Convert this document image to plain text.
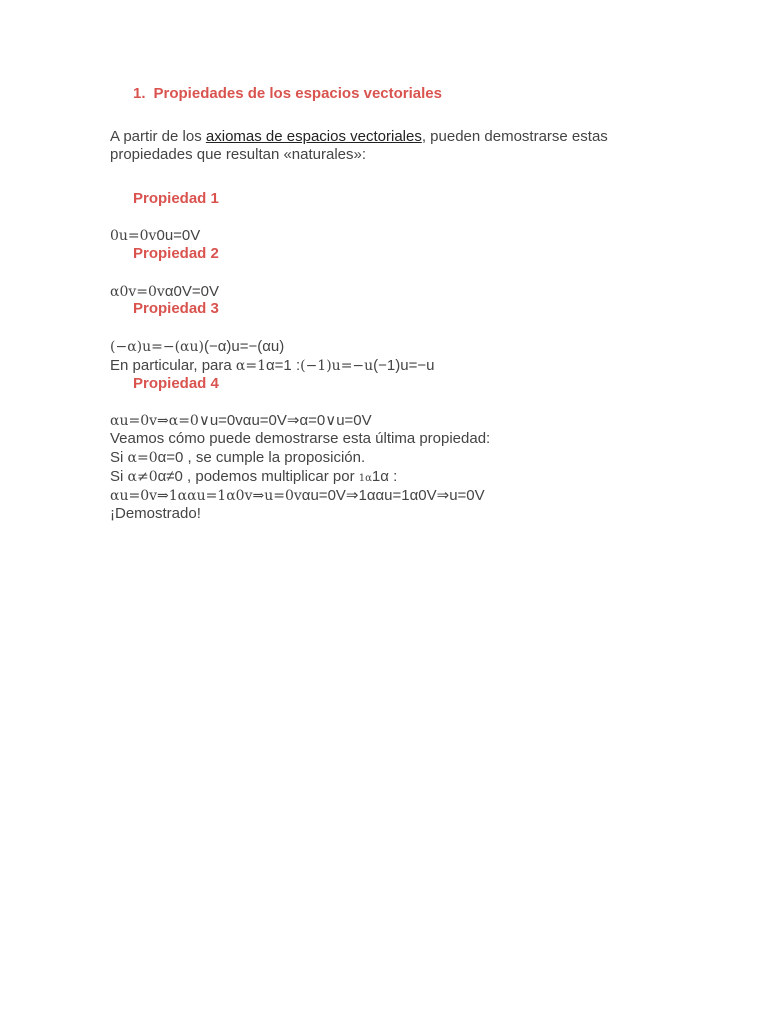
1. Propiedades de los espacios vectoriales
A partir de los axiomas de espacios vectoriales, pueden demostrarse estas propiedades que resultan «naturales»:
Propiedad 1
0u=0v0u=0V
Propiedad 2
α0v=0vα0V=0V
Propiedad 3
(−α)u=−(αu)(−α)u=−(αu)
En particular, para α=1α=1 :(−1)u=−u(−1)u=−u
Propiedad 4
αu=0v⇒α=0∨u=0vαu=0V⇒α=0∨u=0V
Veamos cómo puede demostrarse esta última propiedad:
Si α=0α=0 , se cumple la proposición.
Si α≠0α≠0 , podemos multiplicar por 1α1α :
αu=0v⇒1ααu=1α0v⇒u=0vαu=0V⇒1ααu=1α0V⇒u=0V
¡Demostrado!
